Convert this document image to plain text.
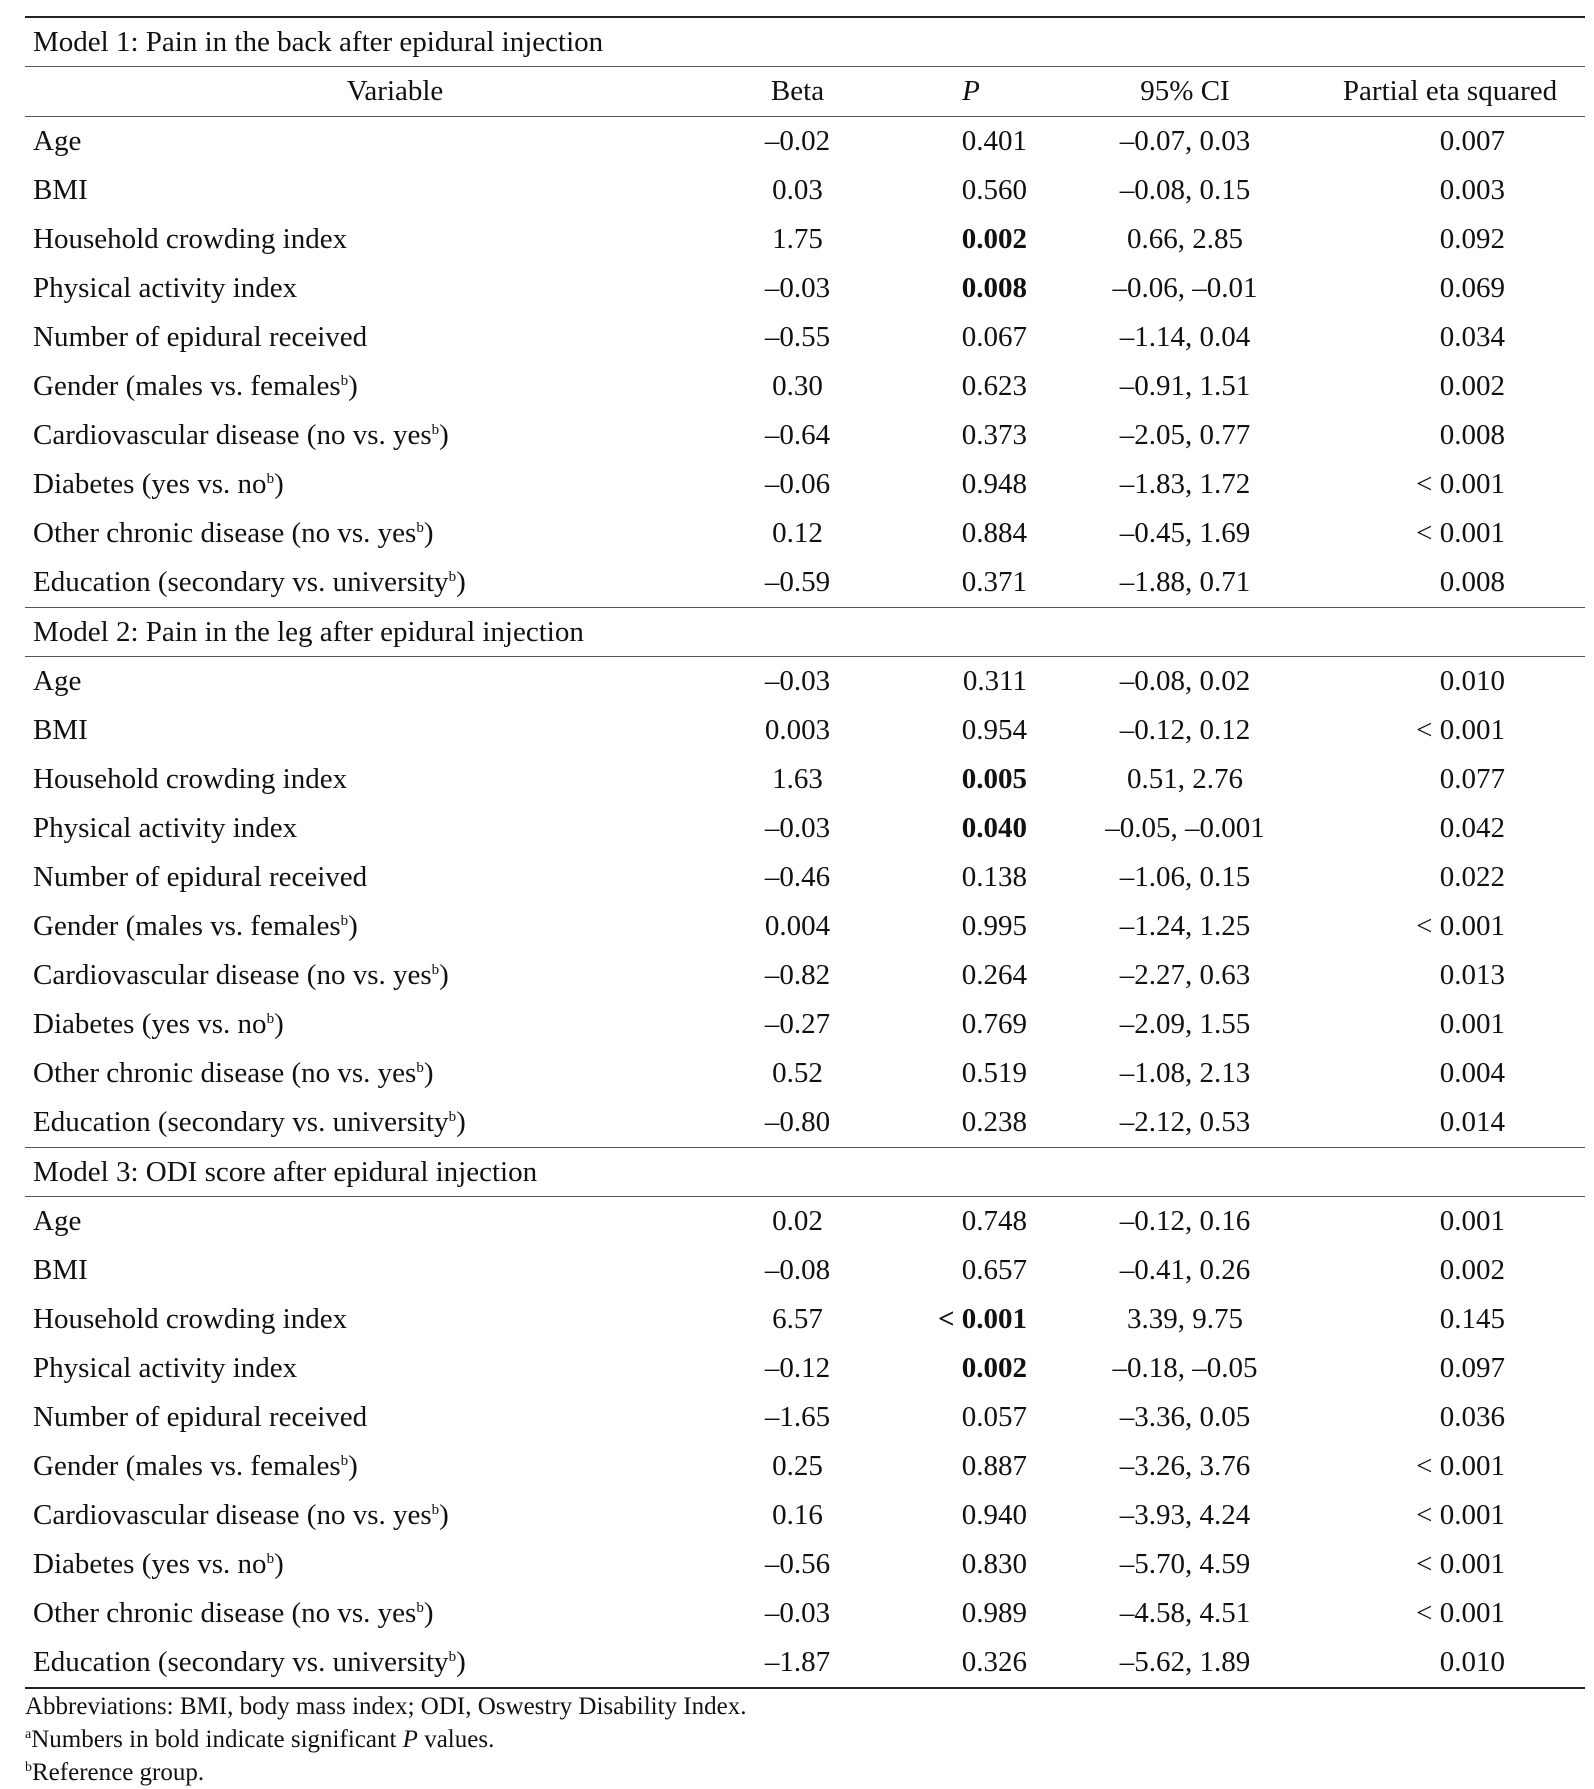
Model 1: Pain in the back after epidural injection
Variable	Beta	P	95% CI	Partial eta squared
Age	–0.02	0.401	–0.07, 0.03	0.007
BMI	0.03	0.560	–0.08, 0.15	0.003
Household crowding index	1.75	0.002	0.66, 2.85	0.092
Physical activity index	–0.03	0.008	–0.06, –0.01	0.069
Number of epidural received	–0.55	0.067	–1.14, 0.04	0.034
Gender (males vs. females$^b$)	0.30	0.623	–0.91, 1.51	0.002
Cardiovascular disease (no vs. yes$^b$)	–0.64	0.373	–2.05, 0.77	0.008
Diabetes (yes vs. $no^b$)	–0.06	0.948	–1.83, 1.72	< 0.001
Other chronic disease (no vs. yes$^b$)	0.12	0.884	–0.45, 1.69	< 0.001
Education (secondary vs. university$^b$)	–0.59	0.371	–1.88, 0.71	0.008
Model 2: Pain in the leg after epidural injection
Age	–0.03	0.311	–0.08, 0.02	0.010
BMI	0.003	0.954	–0.12, 0.12	< 0.001
Household crowding index	1.63	0.005	0.51, 2.76	0.077
Physical activity index	–0.03	0.040	–0.05, –0.001	0.042
Number of epidural received	–0.46	0.138	–1.06, 0.15	0.022
Gender (males vs. females$^b$)	0.004	0.995	–1.24, 1.25	< 0.001
Cardiovascular disease (no vs. yes$^b$)	–0.82	0.264	–2.27, 0.63	0.013
Diabetes (yes vs. $no^b$)	–0.27	0.769	–2.09, 1.55	0.001
Other chronic disease (no vs. yes$^b$)	0.52	0.519	–1.08, 2.13	0.004
Education (secondary vs. university$^b$)	–0.80	0.238	–2.12, 0.53	0.014
Model 3: ODI score after epidural injection
Age	0.02	0.748	–0.12, 0.16	0.001
BMI	–0.08	0.657	–0.41, 0.26	0.002
Household crowding index	6.57	< 0.001	3.39, 9.75	0.145
Physical activity index	–0.12	0.002	–0.18, –0.05	0.097
Number of epidural received	–1.65	0.057	–3.36, 0.05	0.036
Gender (males vs. females$^b$)	0.25	0.887	–3.26, 3.76	< 0.001
Cardiovascular disease (no vs. yes$^b$)	0.16	0.940	–3.93, 4.24	< 0.001
Diabetes (yes vs. $no^b$)	–0.56	0.830	–5.70, 4.59	< 0.001
Other chronic disease (no vs. yes$^b$)	–0.03	0.989	–4.58, 4.51	< 0.001
Education (secondary vs. university$^b$)	–1.87	0.326	–5.62, 1.89	0.010
Abbreviations: BMI, body mass index; ODI, Oswestry Disability Index.
$^a$Numbers in bold indicate significant P values.
$^b$Reference group.
